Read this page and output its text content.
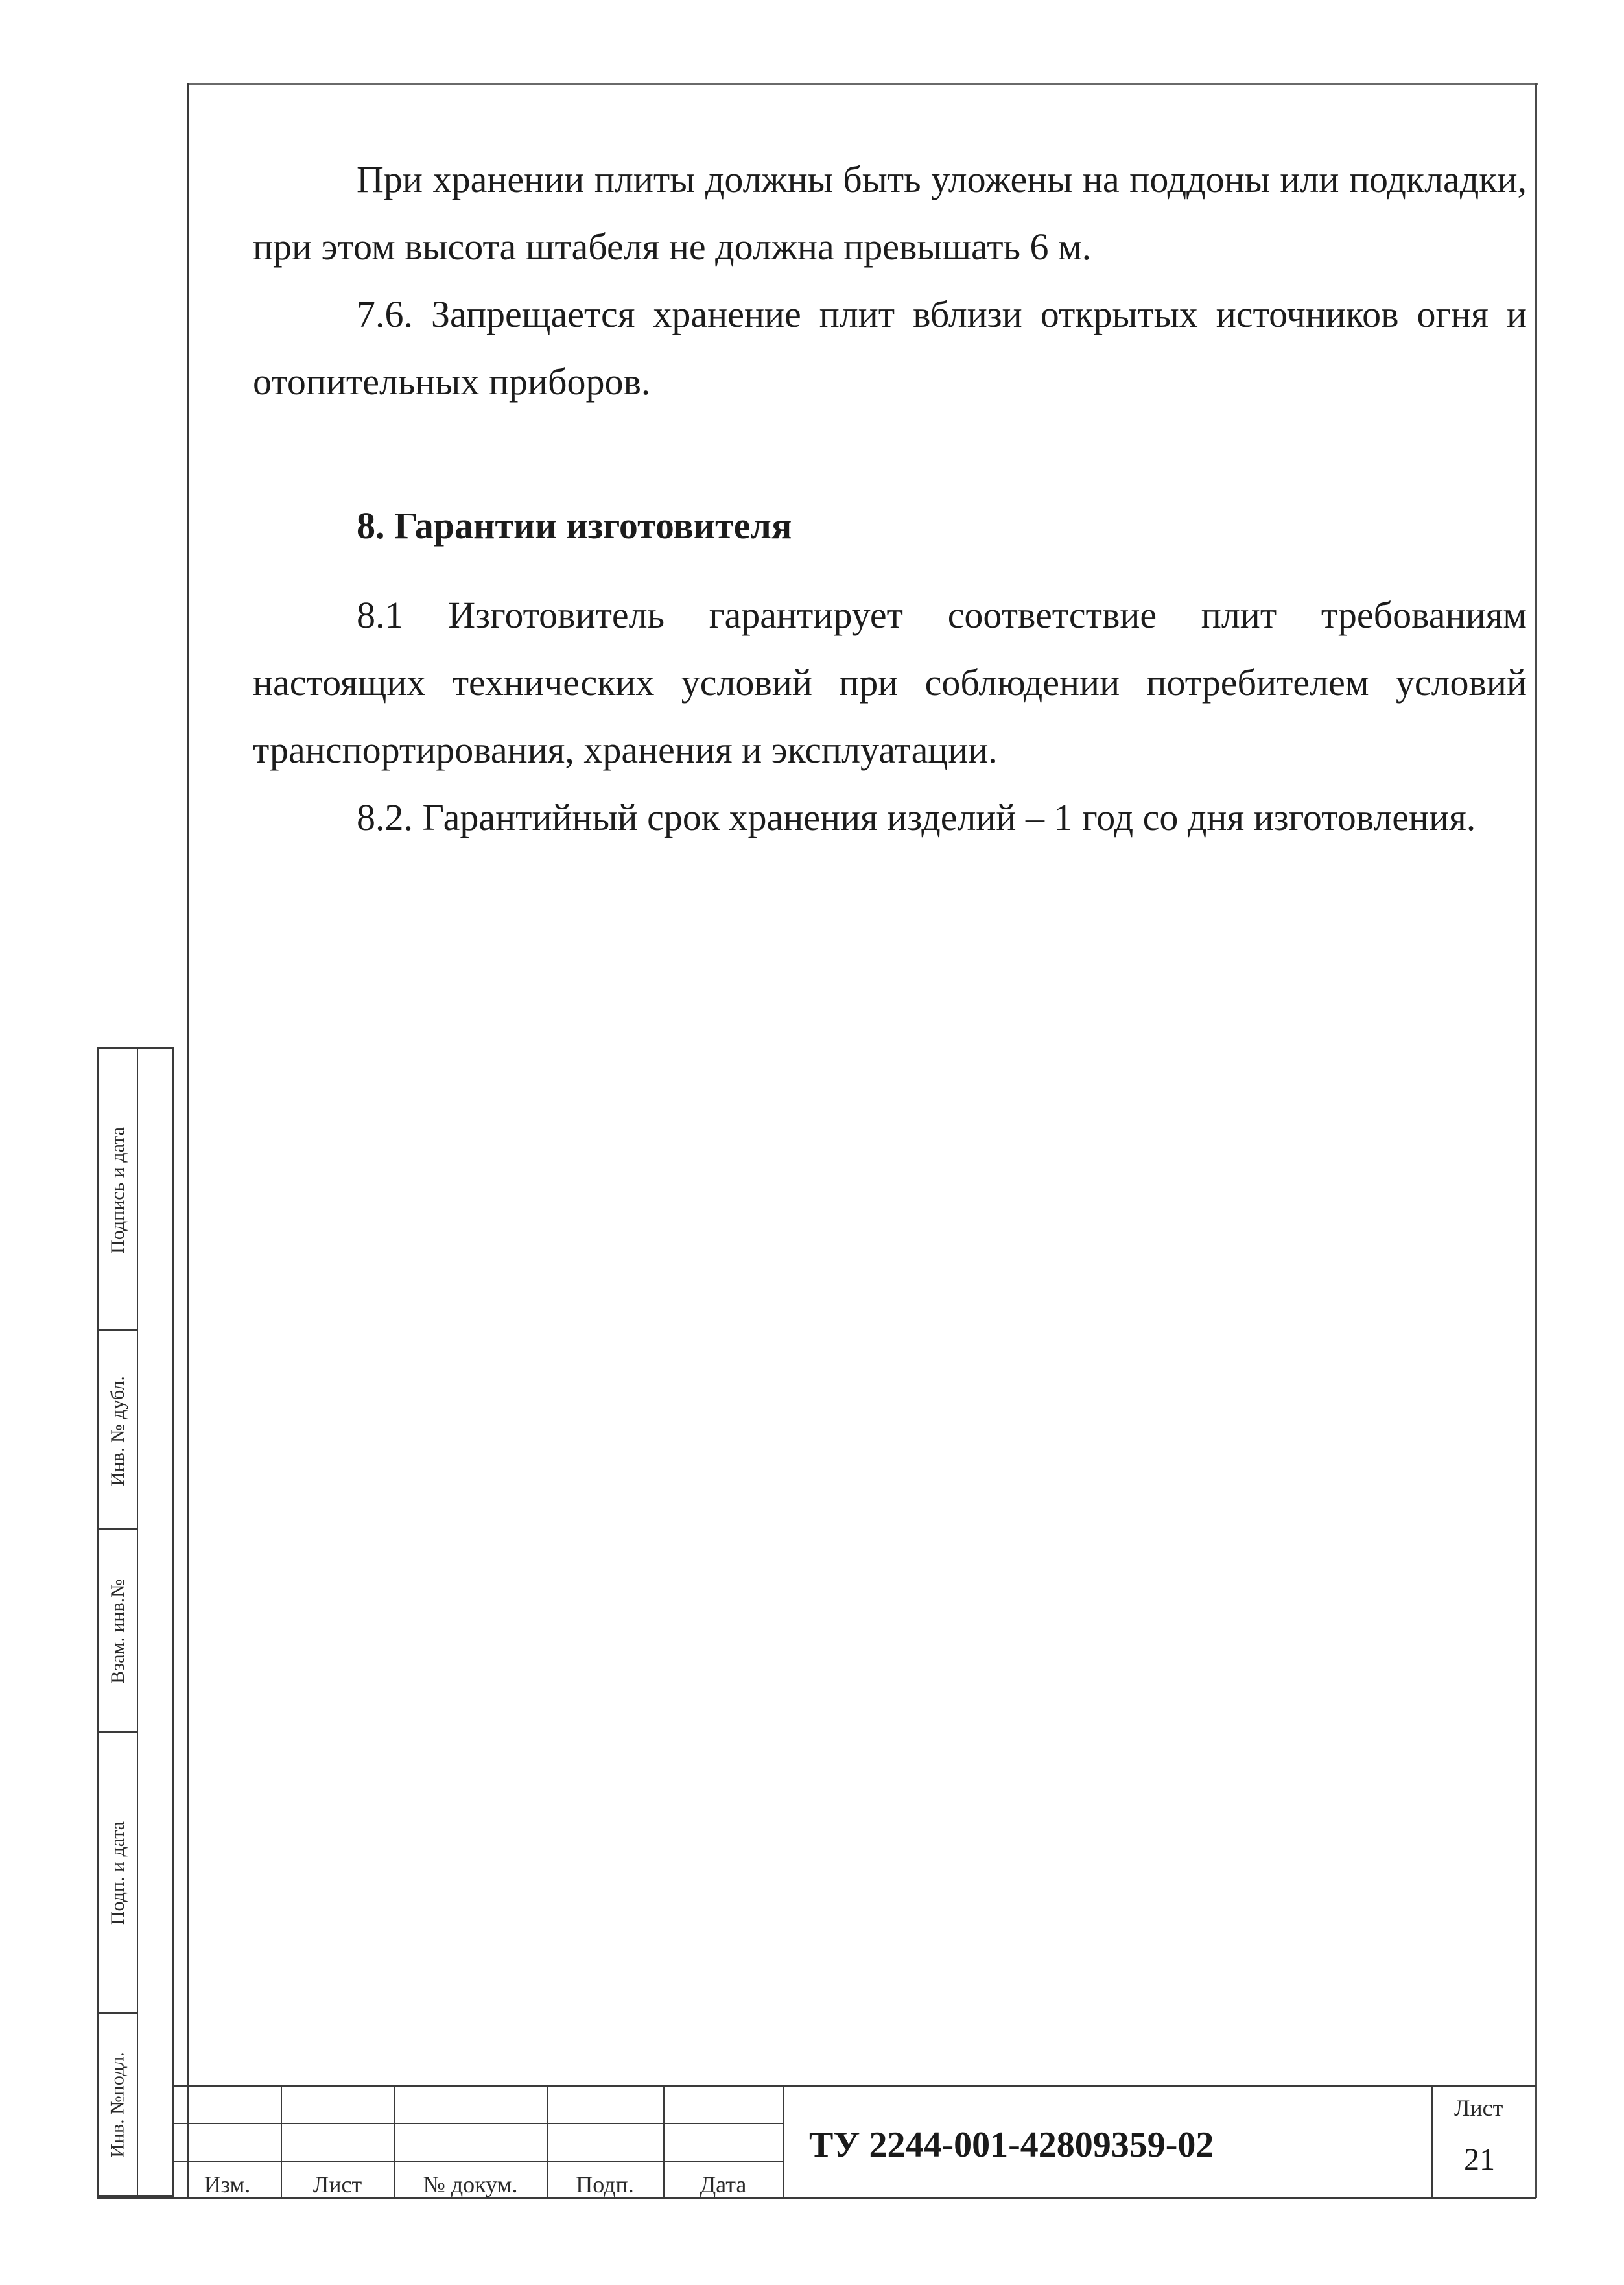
При хранении плиты должны быть уложены на поддоны или подкладки, при этом высота штабеля не должна превышать 6 м.

7.6. Запрещается хранение плит вблизи открытых источников огня и отопительных приборов.

8. Гарантии изготовителя

8.1 Изготовитель гарантирует соответствие плит требованиям настоящих технических условий при соблюдении потребителем условий транспортирования, хранения и эксплуатации.

8.2. Гарантийный срок хранения изделий – 1 год со дня изготовления.

Подпись и дата
Инв. № дубл.
Взам. инв.№
Подп. и дата
Инв. №подл.
Изм.	Лист	№ докум.	Подп.	Дата
ТУ 2244-001-42809359-02
Лист
21
